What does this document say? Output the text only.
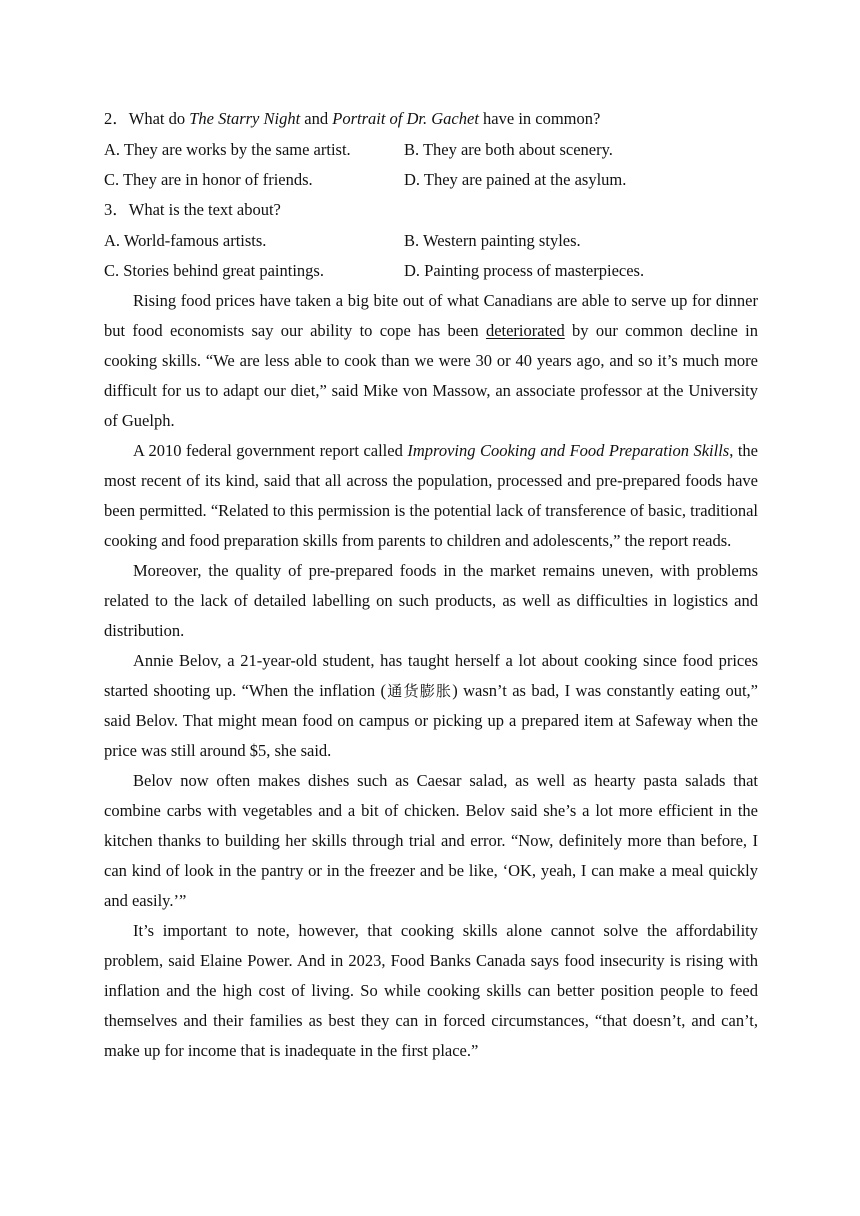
2．What do The Starry Night and Portrait of Dr. Gachet have in common?
A. They are works by the same artist.	B. They are both about scenery.
C. They are in honor of friends.	D. They are pained at the asylum.
3．What is the text about?
A. World-famous artists.	B. Western painting styles.
C. Stories behind great paintings.	D. Painting process of masterpieces.

Rising food prices have taken a big bite out of what Canadians are able to serve up for dinner but food economists say our ability to cope has been deteriorated by our common decline in cooking skills. “We are less able to cook than we were 30 or 40 years ago, and so it’s much more difficult for us to adapt our diet,” said Mike von Massow, an associate professor at the University of Guelph.

A 2010 federal government report called Improving Cooking and Food Preparation Skills, the most recent of its kind, said that all across the population, processed and pre-prepared foods have been permitted. “Related to this permission is the potential lack of transference of basic, traditional cooking and food preparation skills from parents to children and adolescents,” the report reads.

Moreover, the quality of pre-prepared foods in the market remains uneven, with problems related to the lack of detailed labelling on such products, as well as difficulties in logistics and distribution.

Annie Belov, a 21-year-old student, has taught herself a lot about cooking since food prices started shooting up. “When the inflation (通货膨胀) wasn’t as bad, I was constantly eating out,” said Belov. That might mean food on campus or picking up a prepared item at Safeway when the price was still around $5, she said.

Belov now often makes dishes such as Caesar salad, as well as hearty pasta salads that combine carbs with vegetables and a bit of chicken. Belov said she’s a lot more efficient in the kitchen thanks to building her skills through trial and error. “Now, definitely more than before, I can kind of look in the pantry or in the freezer and be like, ‘OK, yeah, I can make a meal quickly and easily.’”

It’s important to note, however, that cooking skills alone cannot solve the affordability problem, said Elaine Power. And in 2023, Food Banks Canada says food insecurity is rising with inflation and the high cost of living. So while cooking skills can better position people to feed themselves and their families as best they can in forced circumstances, “that doesn’t, and can’t, make up for income that is inadequate in the first place.”
